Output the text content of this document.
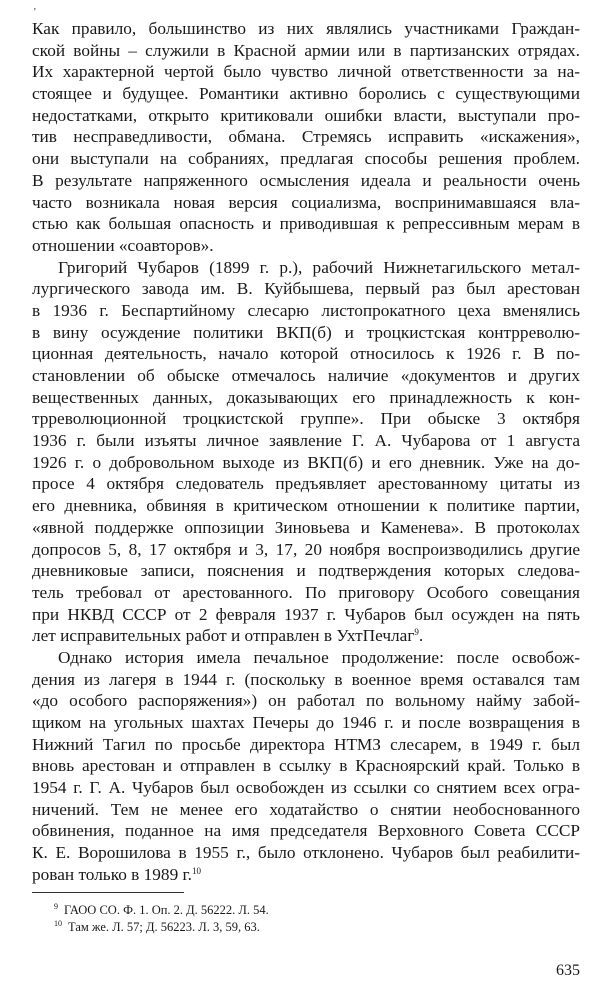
'
Как правило, большинство из них являлись участниками Граждан-
ской войны – служили в Красной армии или в партизанских отрядах.
Их характерной чертой было чувство личной ответственности за на-
стоящее и будущее. Романтики активно боролись с существующими
недостатками, открыто критиковали ошибки власти, выступали про-
тив несправедливости, обмана. Стремясь исправить «искажения»,
они выступали на собраниях, предлагая способы решения проблем.
В результате напряженного осмысления идеала и реальности очень
часто возникала новая версия социализма, воспринимавшаяся вла-
стью как большая опасность и приводившая к репрессивным мерам в
отношении «соавторов».
Григорий Чубаров (1899 г. р.), рабочий Нижнетагильского метал-
лургического завода им. В. Куйбышева, первый раз был арестован
в 1936 г. Беспартийному слесарю листопрокатного цеха вменялись
в вину осуждение политики ВКП(б) и троцкистская контрреволю-
ционная деятельность, начало которой относилось к 1926 г. В по-
становлении об обыске отмечалось наличие «документов и других
вещественных данных, доказывающих его принадлежность к кон-
трреволюционной троцкистской группе». При обыске 3 октября
1936 г. были изъяты личное заявление Г. А. Чубарова от 1 августа
1926 г. о добровольном выходе из ВКП(б) и его дневник. Уже на до-
просе 4 октября следователь предъявляет арестованному цитаты из
его дневника, обвиняя в критическом отношении к политике партии,
«явной поддержке оппозиции Зиновьева и Каменева». В протоколах
допросов 5, 8, 17 октября и 3, 17, 20 ноября воспроизводились другие
дневниковые записи, пояснения и подтверждения которых следова-
тель требовал от арестованного. По приговору Особого совещания
при НКВД СССР от 2 февраля 1937 г. Чубаров был осужден на пять
лет исправительных работ и отправлен в УхтПечлаг$^9$.
Однако история имела печальное продолжение: после освобож-
дения из лагеря в 1944 г. (поскольку в военное время оставался там
«до особого распоряжения») он работал по вольному найму забой-
щиком на угольных шахтах Печеры до 1946 г. и после возвращения в
Нижний Тагил по просьбе директора НТМЗ слесарем, в 1949 г. был
вновь арестован и отправлен в ссылку в Красноярский край. Только в
1954 г. Г. А. Чубаров был освобожден из ссылки со снятием всех огра-
ничений. Тем не менее его ходатайство о снятии необоснованного
обвинения, поданное на имя председателя Верховного Совета СССР
К. Е. Ворошилова в 1955 г., было отклонено. Чубаров был реабилити-
рован только в 1989 г.$^{10}$
$^9$ ГАОО СО. Ф. 1. Оп. 2. Д. 56222. Л. 54.
$^{10}$ Там же. Л. 57; Д. 56223. Л. 3, 59, 63.
635
